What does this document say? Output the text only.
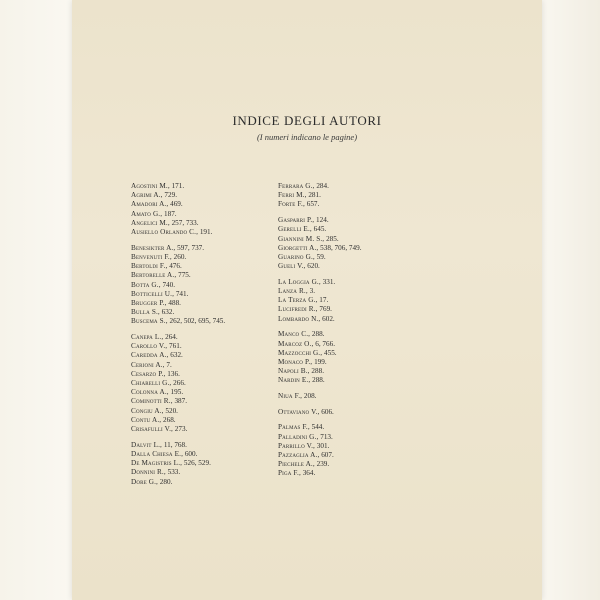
INDICE DEGLI AUTORI

(I numeri indicano le pagine)

Agostini M., 171.
Agrimi A., 729.
Amadori A., 469.
Amato G., 187.
Angelici M., 257, 733.
Ausiello Orlando C., 191.
Benesikter A., 597, 737.
Benvenuti F., 260.
Bertoldi F., 476.
Bertorelle A., 775.
Botta G., 740.
Botticelli U., 741.
Brugger P., 488.
Bulla S., 632.
Buscema S., 262, 502, 695, 745.
Canepa L., 264.
Carollo V., 761.
Caredda A., 632.
Cerioni A., 7.
Cesarzo P., 136.
Chiarelli G., 266.
Colonna A., 195.
Cominotti R., 387.
Congiu A., 520.
Contu A., 268.
Crisafulli V., 273.
Dalvit L., 11, 768.
Dalla Chiesa E., 600.
De Magistris L., 526, 529.
Donnini R., 533.
Dore G., 280.
Ferrara G., 284.
Ferri M., 281.
Forte F., 657.
Gasparri P., 124.
Gerelli E., 645.
Giannini M. S., 285.
Giorgetti A., 538, 706, 749.
Guarino G., 59.
Gueli V., 620.
La Loggia G., 331.
Lanza R., 3.
La Terza G., 17.
Lucifredi R., 769.
Lombardo N., 602.
Manco C., 288.
Marcoz O., 6, 766.
Mazzocchi G., 455.
Monaco P., 199.
Napoli B., 288.
Nardin E., 288.
Niua F., 208.
Ottaviano V., 606.
Palmas F., 544.
Palladini G., 713.
Parrillo V., 301.
Pazzaglia A., 607.
Piechele A., 239.
Piga F., 364.
